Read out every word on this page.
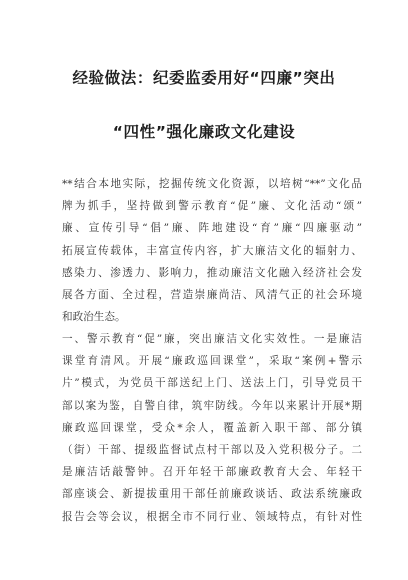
经验做法：纪委监委用好“四廉”突出
“四性”强化廉政文化建设
**结合本地实际，挖掘传统文化资源，以培树“**”文化品
牌为抓手，坚持做到警示教育“促”廉、文化活动“颂”
廉、宣传引导“倡”廉、阵地建设“育”廉“四廉驱动”
拓展宣传载体，丰富宣传内容，扩大廉洁文化的辐射力、
感染力、渗透力、影响力，推动廉洁文化融入经济社会发
展各方面、全过程，营造崇廉尚洁、风清气正的社会环境
和政治生态。
一、警示教育“促”廉，突出廉洁文化实效性。一是廉洁
课堂育清风。开展“廉政巡回课堂”，采取“案例+警示
片”模式，为党员干部送纪上门、送法上门，引导党员干
部以案为鉴，自警自律，筑牢防线。今年以来累计开展*期
廉政巡回课堂，受众*余人，覆盖新入职干部、部分镇
（街）干部、提级监督试点村干部以及入党积极分子。二
是廉洁话敲警钟。召开年轻干部廉政教育大会、年轻干
部座谈会、新提拔重用干部任前廉政谈话、政法系统廉政
报告会等会议，根据全市不同行业、领域特点，有针对性
